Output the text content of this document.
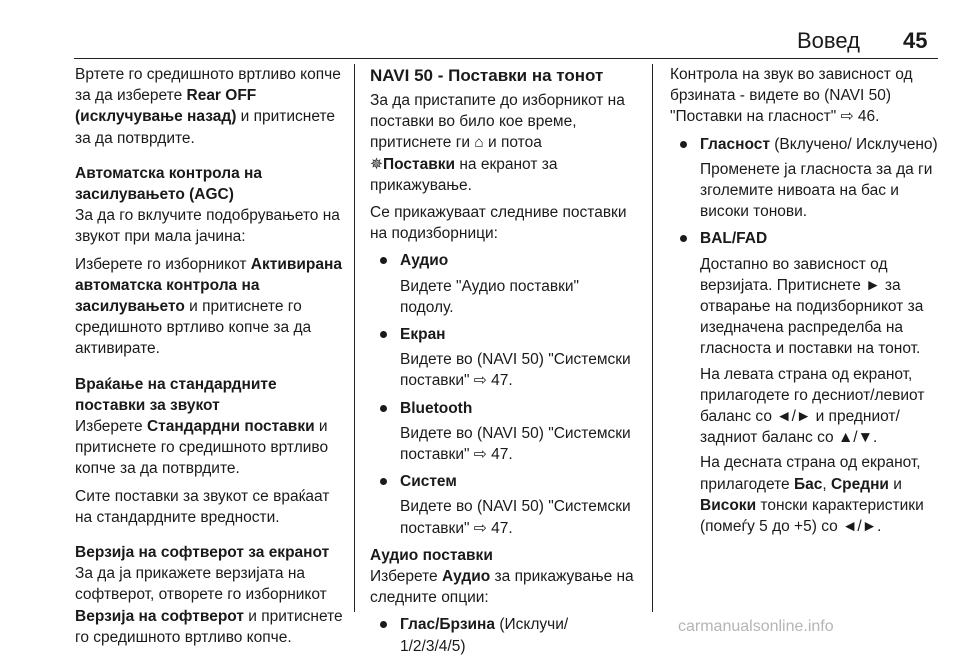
Вовед 45

Вртете го средишното вртливо копче за да изберете Rear OFF (исклучување назад) и притиснете за да потврдите.

Автоматска контрола на засилувањето (AGC)

За да го вклучите подобрувањето на звукот при мала јачина:

Изберете го изборникот Активирана автоматска контрола на засилувањето и притиснете го средишното вртливо копче за да активирате.

Враќање на стандардните поставки за звукот

Изберете Стандардни поставки и притиснете го средишното вртливо копче за да потврдите.

Сите поставки за звукот се враќаат на стандардните вредности.

Верзија на софтверот за екранот

За да ја прикажете верзијата на софтверот, отворете го изборникот Верзија на софтверот и притиснете го средишното вртливо копче.

NAVI 50 - Поставки на тонот

За да пристапите до изборникот на поставки во било кое време, притиснете ги ⌂ и потоа
✵Поставки на екранот за прикажување.

Се прикажуваат следниве поставки на подизборници:

Аудио
Видете "Аудио поставки" подолу.
Екран
Видете во (NAVI 50) "Системски поставки" ⇨ 47.
Bluetooth
Видете во (NAVI 50) "Системски поставки" ⇨ 47.
Систем
Видете во (NAVI 50) "Системски поставки" ⇨ 47.
Аудио поставки

Изберете Аудио за прикажување на следните опции:

Глас/Брзина (Исклучи/ 1/2/3/4/5)

Контрола на звук во зависност од брзината - видете во (NAVI 50) "Поставки на гласност" ⇨ 46.

Гласност (Вклучено/ Исклучено)
Променете ја гласноста за да ги зголемите нивоата на бас и високи тонови.
BAL/FAD
Достапно во зависност од верзијата. Притиснете ► за отварање на подизборникот за изедначена распределба на гласноста и поставки на тонот.
На левата страна од екранот, прилагодете го десниот/левиот баланс со ◄/► и предниот/ задниот баланс со ▲/▼.
На десната страна од екранот, прилагодете Бас, Средни и Високи тонски карактеристики (помеѓу 5 до +5) со ◄/►.
carmanualsonline.info
